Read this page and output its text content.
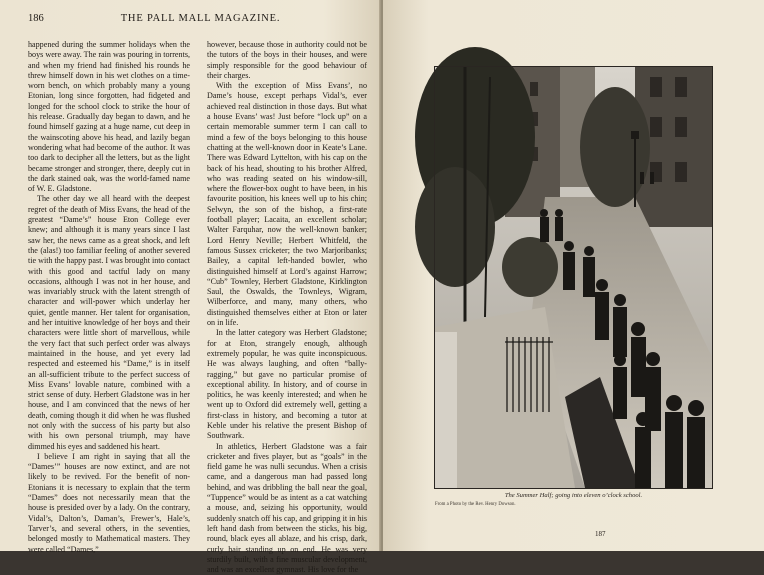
186	THE PALL MALL MAGAZINE.

happened during the summer holidays when the boys were away. The rain was pouring in torrents, and when my friend had finished his rounds he threw himself down in his wet clothes on a time-worn bench, on which probably many a young Etonian, long since forgotten, had fidgeted and longed for the school clock to strike the hour of his release. Gradually day began to dawn, and he found himself gazing at a huge name, cut deep in the wainscoting above his head, and lazily began wondering what had become of the author. It was too dark to decipher all the letters, but as the light became stronger and stronger, there, deeply cut in the dark stained oak, was the world-famed name of W. E. Gladstone.

The other day we all heard with the deepest regret of the death of Miss Evans, the head of the greatest “Dame’s” house Eton College ever knew; and although it is many years since I last saw her, the news came as a great shock, and left the (alas!) too familiar feeling of another severed tie with the happy past. I was brought into contact with this good and tactful lady on many occasions, although I was not in her house, and was invariably struck with the latent strength of character and will-power which underlay her quiet, gentle manner. Her talent for organisation, and her intuitive knowledge of her boys and their characters were little short of marvellous, while the very fact that such perfect order was always maintained in the house, and yet every lad respected and esteemed his “Dame,” is in itself an all-sufficient tribute to the perfect success of Miss Evans’ lovable nature, combined with a strict sense of duty. Herbert Gladstone was in her house, and I am convinced that the news of her death, coming though it did when he was flushed not only with the success of his party but also with his own personal triumph, may have dimmed his eyes and saddened his heart.

I believe I am right in saying that all the “Dames’” houses are now extinct, and are not likely to be revived. For the benefit of non-Etonians it is necessary to explain that the term “Dames” does not necessarily mean that the house is presided over by a lady. On the contrary, Vidal’s, Dalton’s, Daman’s, Frewer’s, Hale’s, Tarver’s, and several others, in the seventies, belonged mostly to Mathematical masters. They were called “Dames,”

however, because those in authority could not be the tutors of the boys in their houses, and were simply responsible for the good behaviour of their charges.

With the exception of Miss Evans’, no Dame’s house, except perhaps Vidal’s, ever achieved real distinction in those days. But what a house Evans’ was! Just before “lock up” on a certain memorable summer term I can call to mind a few of the boys belonging to this house chatting at the well-known door in Keate’s Lane. There was Edward Lyttelton, with his cap on the back of his head, shouting to his brother Alfred, who was reading seated on his window-sill, where the flower-box ought to have been, in his favourite position, his knees well up to his chin; Selwyn, the son of the bishop, a first-rate football player; Lacaita, an excellent scholar; Walter Farquhar, now the well-known banker; Lord Henry Neville; Herbert Whitfeld, the famous Sussex cricketer; the two Marjoribanks; Bailey, a capital left-handed bowler, who distinguished himself at Lord’s against Harrow; “Cub” Townley, Herbert Gladstone, Kirklington Saul, the Oswalds, the Townleys, Wigram, Wilberforce, and many, many others, who distinguished themselves either at Eton or later on in life.

In the latter category was Herbert Gladstone; for at Eton, strangely enough, although extremely popular, he was quite inconspicuous. He was always laughing, and often “bally-ragging,” but gave no particular promise of exceptional ability. In history, and of course in politics, he was keenly interested; and when he went up to Oxford did extremely well, getting a first-class in history, and becoming a tutor at Keble under his relative the present Bishop of Southwark.

In athletics, Herbert Gladstone was a fair cricketer and fives player, but as “goals” in the field game he was nulli secundus. When a crisis came, and a dangerous man had passed long behind, and was dribbling the ball near the goal, “Tuppence” would be as intent as a cat watching a mouse, and, seizing his opportunity, would suddenly snatch off his cap, and gripping it in his left hand dash from between the sticks, his big, round, black eyes all ablaze, and his crisp, dark, curly hair standing up on end. He was very sturdily built, with a fine muscular development, and was an excellent gymnast. His love for the

The Summer Half; going into eleven o’clock school.
From a Photo by the Rev. Henry Dowson.
187
